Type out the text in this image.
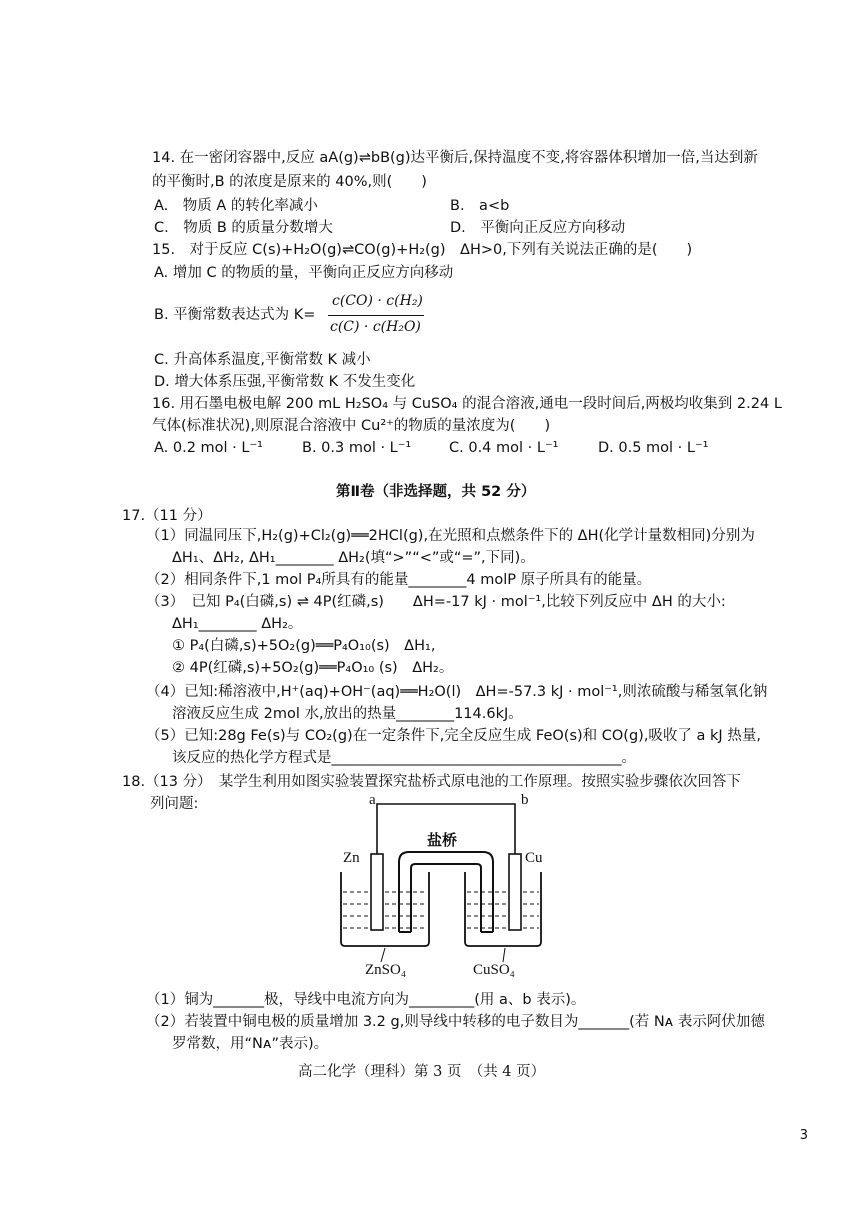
14. 在一密闭容器中,反应 aA(g)⇌bB(g)达平衡后,保持温度不变,将容器体积增加一倍,当达到新
的平衡时,B 的浓度是原来的 40%,则(　　)
A.　物质 A 的转化率减小	B.　a<b
C.　物质 B 的质量分数增大	D.　平衡向正反应方向移动
15.　对于反应 C(s)+H₂O(g)⇌CO(g)+H₂(g)　ΔH>0,下列有关说法正确的是(　　)
A. 增加 C 的物质的量，平衡向正反应方向移动
B. 平衡常数表达式为 K=
c(CO) · c(H₂)
c(C) · c(H₂O)
C. 升高体系温度,平衡常数 K 减小
D. 增大体系压强,平衡常数 K 不发生变化
16. 用石墨电极电解 200 mL H₂SO₄ 与 CuSO₄ 的混合溶液,通电一段时间后,两极均收集到 2.24 L
气体(标准状况),则原混合溶液中 Cu²⁺的物质的量浓度为(　　)
A. 0.2 mol · L⁻¹	B. 0.3 mol · L⁻¹	C. 0.4 mol · L⁻¹	D. 0.5 mol · L⁻¹
第Ⅱ卷（非选择题，共 52 分）
17.（11 分）
（1）同温同压下,H₂(g)+Cl₂(g)══2HCl(g),在光照和点燃条件下的 ΔH(化学计量数相同)分别为
ΔH₁、ΔH₂, ΔH₁________ ΔH₂(填“>”“<”或“=”,下同)。
（2）相同条件下,1 mol P₄所具有的能量________4 molP 原子所具有的能量。
（3）　已知 P₄(白磷,s) ⇌ 4P(红磷,s)　　ΔH=-17 kJ · mol⁻¹,比较下列反应中 ΔH 的大小:
ΔH₁________ ΔH₂。
① P₄(白磷,s)+5O₂(g)══P₄O₁₀(s)　ΔH₁,
② 4P(红磷,s)+5O₂(g)══P₄O₁₀ (s)　ΔH₂。
（4）已知:稀溶液中,H⁺(aq)+OH⁻(aq)══H₂O(l)　ΔH=-57.3 kJ · mol⁻¹,则浓硫酸与稀氢氧化钠
溶液反应生成 2mol 水,放出的热量________114.6kJ。
（5）已知:28g Fe(s)与 CO₂(g)在一定条件下,完全反应生成 FeO(s)和 CO(g),吸收了 a kJ 热量,
该反应的热化学方程式是________________________________________。
18.（13 分）　某学生利用如图实验装置探究盐桥式原电池的工作原理。按照实验步骤依次回答下
列问题:	a	b
盐桥
Zn	Cu
ZnSO₄	CuSO₄
（1）铜为_______极，导线中电流方向为_________(用 a、b 表示)。
（2）若装置中铜电极的质量增加 3.2 g,则导线中转移的电子数目为_______(若 Nᴀ 表示阿伏加德
罗常数，用“Nᴀ”表示)。
高二化学（理科）第 3 页　（共 4 页）
3
